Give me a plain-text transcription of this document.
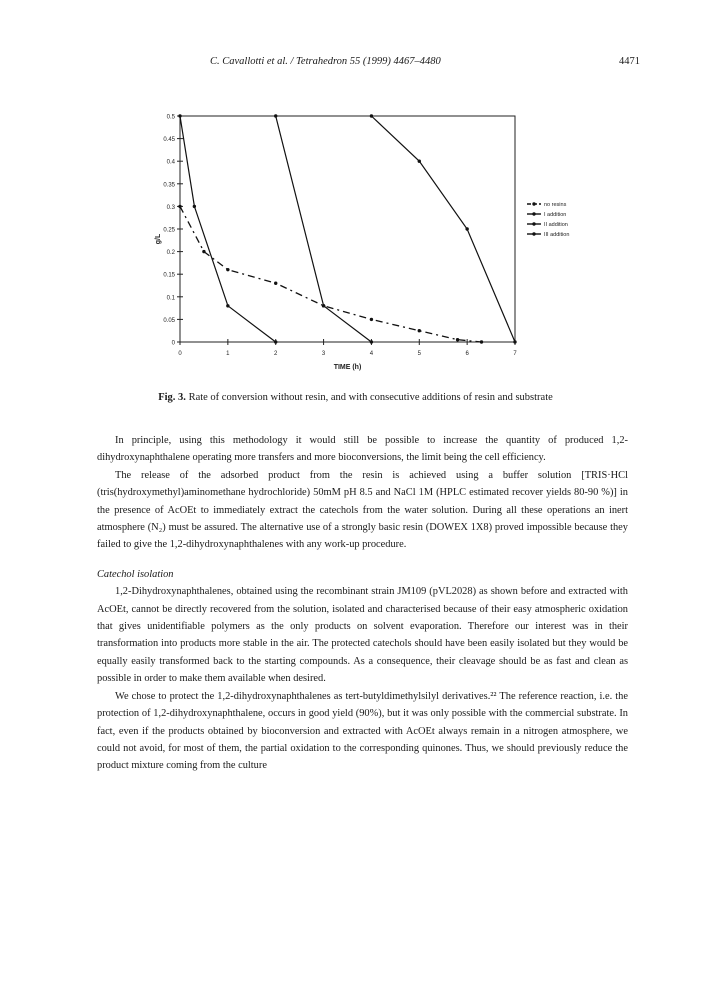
C. Cavallotti et al. / Tetrahedron 55 (1999) 4467–4480	4471
0
0.05
0.1
0.15
0.2
0.25
0.3
0.35
0.4
0.45
0.5
0	1	2	3	4	5	6	7
TIME (h)
g/L
no resins
I addition
II addition
III addition
Fig. 3. Rate of conversion without resin, and with consecutive additions of resin and substrate

In principle, using this methodology it would still be possible to increase the quantity of produced 1,2-dihydroxynaphthalene operating more transfers and more bioconversions, the limit being the cell efficiency.

The release of the adsorbed product from the resin is achieved using a buffer solution [TRIS·HCl (tris(hydroxymethyl)aminomethane hydrochloride) 50mM pH 8.5 and NaCl 1M (HPLC estimated recover yields 80-90 %)] in the presence of AcOEt to immediately extract the catechols from the water solution. During all these operations an inert atmosphere (N₂) must be assured. The alternative use of a strongly basic resin (DOWEX 1X8) proved impossible because they failed to give the 1,2-dihydroxynaphthalenes with any work-up procedure.

Catechol isolation

1,2-Dihydroxynaphthalenes, obtained using the recombinant strain JM109 (pVL2028) as shown before and extracted with AcOEt, cannot be directly recovered from the solution, isolated and characterised because of their easy atmospheric oxidation that gives unidentifiable polymers as the only products on solvent evaporation. Therefore our interest was in their transformation into products more stable in the air. The protected catechols should have been easily isolated but they would be equally easily transformed back to the starting compounds. As a consequence, their cleavage should be as fast and clean as possible in order to make them available when desired.

We chose to protect the 1,2-dihydroxynaphthalenes as tert-butyldimethylsilyl derivatives.²² The reference reaction, i.e. the protection of 1,2-dihydroxynaphthalene, occurs in good yield (90%), but it was only possible with the commercial substrate. In fact, even if the products obtained by bioconversion and extracted with AcOEt always remain in a nitrogen atmosphere, we could not avoid, for most of them, the partial oxidation to the corresponding quinones. Thus, we should previously reduce the product mixture coming from the culture
